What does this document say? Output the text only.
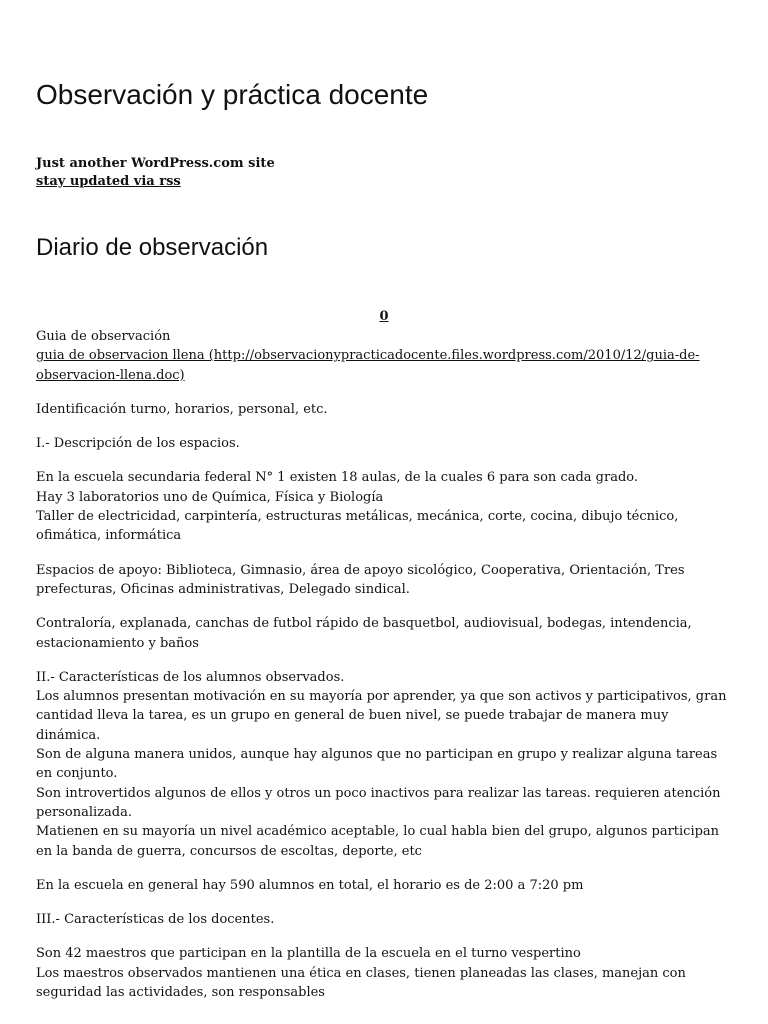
Observación y práctica docente
Just another WordPress.com site
stay updated via rss
Diario de observación
0

Guia de observación
guia de observacion llena (http://observacionypracticadocente.files.wordpress.com/2010/12/guia-de-observacion-llena.doc)

Identificación turno, horarios, personal, etc.

I.- Descripción de los espacios.

En la escuela secundaria federal N° 1 existen 18 aulas, de la cuales 6 para son cada grado.
Hay 3 laboratorios uno de Química, Física y Biología
Taller de electricidad, carpintería, estructuras metálicas, mecánica, corte, cocina, dibujo técnico, ofimática, informática

Espacios de apoyo: Biblioteca, Gimnasio, área de apoyo sicológico, Cooperativa, Orientación, Tres prefecturas, Oficinas administrativas, Delegado sindical.

Contraloría, explanada, canchas de futbol rápido de basquetbol, audiovisual, bodegas, intendencia, estacionamiento y baños

II.- Características de los alumnos observados.
Los alumnos presentan motivación en su mayoría por aprender, ya que son activos y participativos, gran cantidad lleva la tarea, es un grupo en general de buen nivel, se puede trabajar de manera muy dinámica.
Son de alguna manera unidos, aunque hay algunos que no participan en grupo y realizar alguna tareas en conjunto.
Son introvertidos algunos de ellos y otros un poco inactivos para realizar las tareas. requieren atención personalizada.
Matienen en su mayoría un nivel académico aceptable, lo cual habla bien del grupo, algunos participan en la banda de guerra, concursos de escoltas, deporte, etc

En la escuela en general hay 590 alumnos en total, el horario es de 2:00 a 7:20 pm

III.- Características de los docentes.

Son 42 maestros que participan en la plantilla de la escuela en el turno vespertino
Los maestros observados mantienen una ética en clases, tienen planeadas las clases, manejan con seguridad las actividades, son responsables
